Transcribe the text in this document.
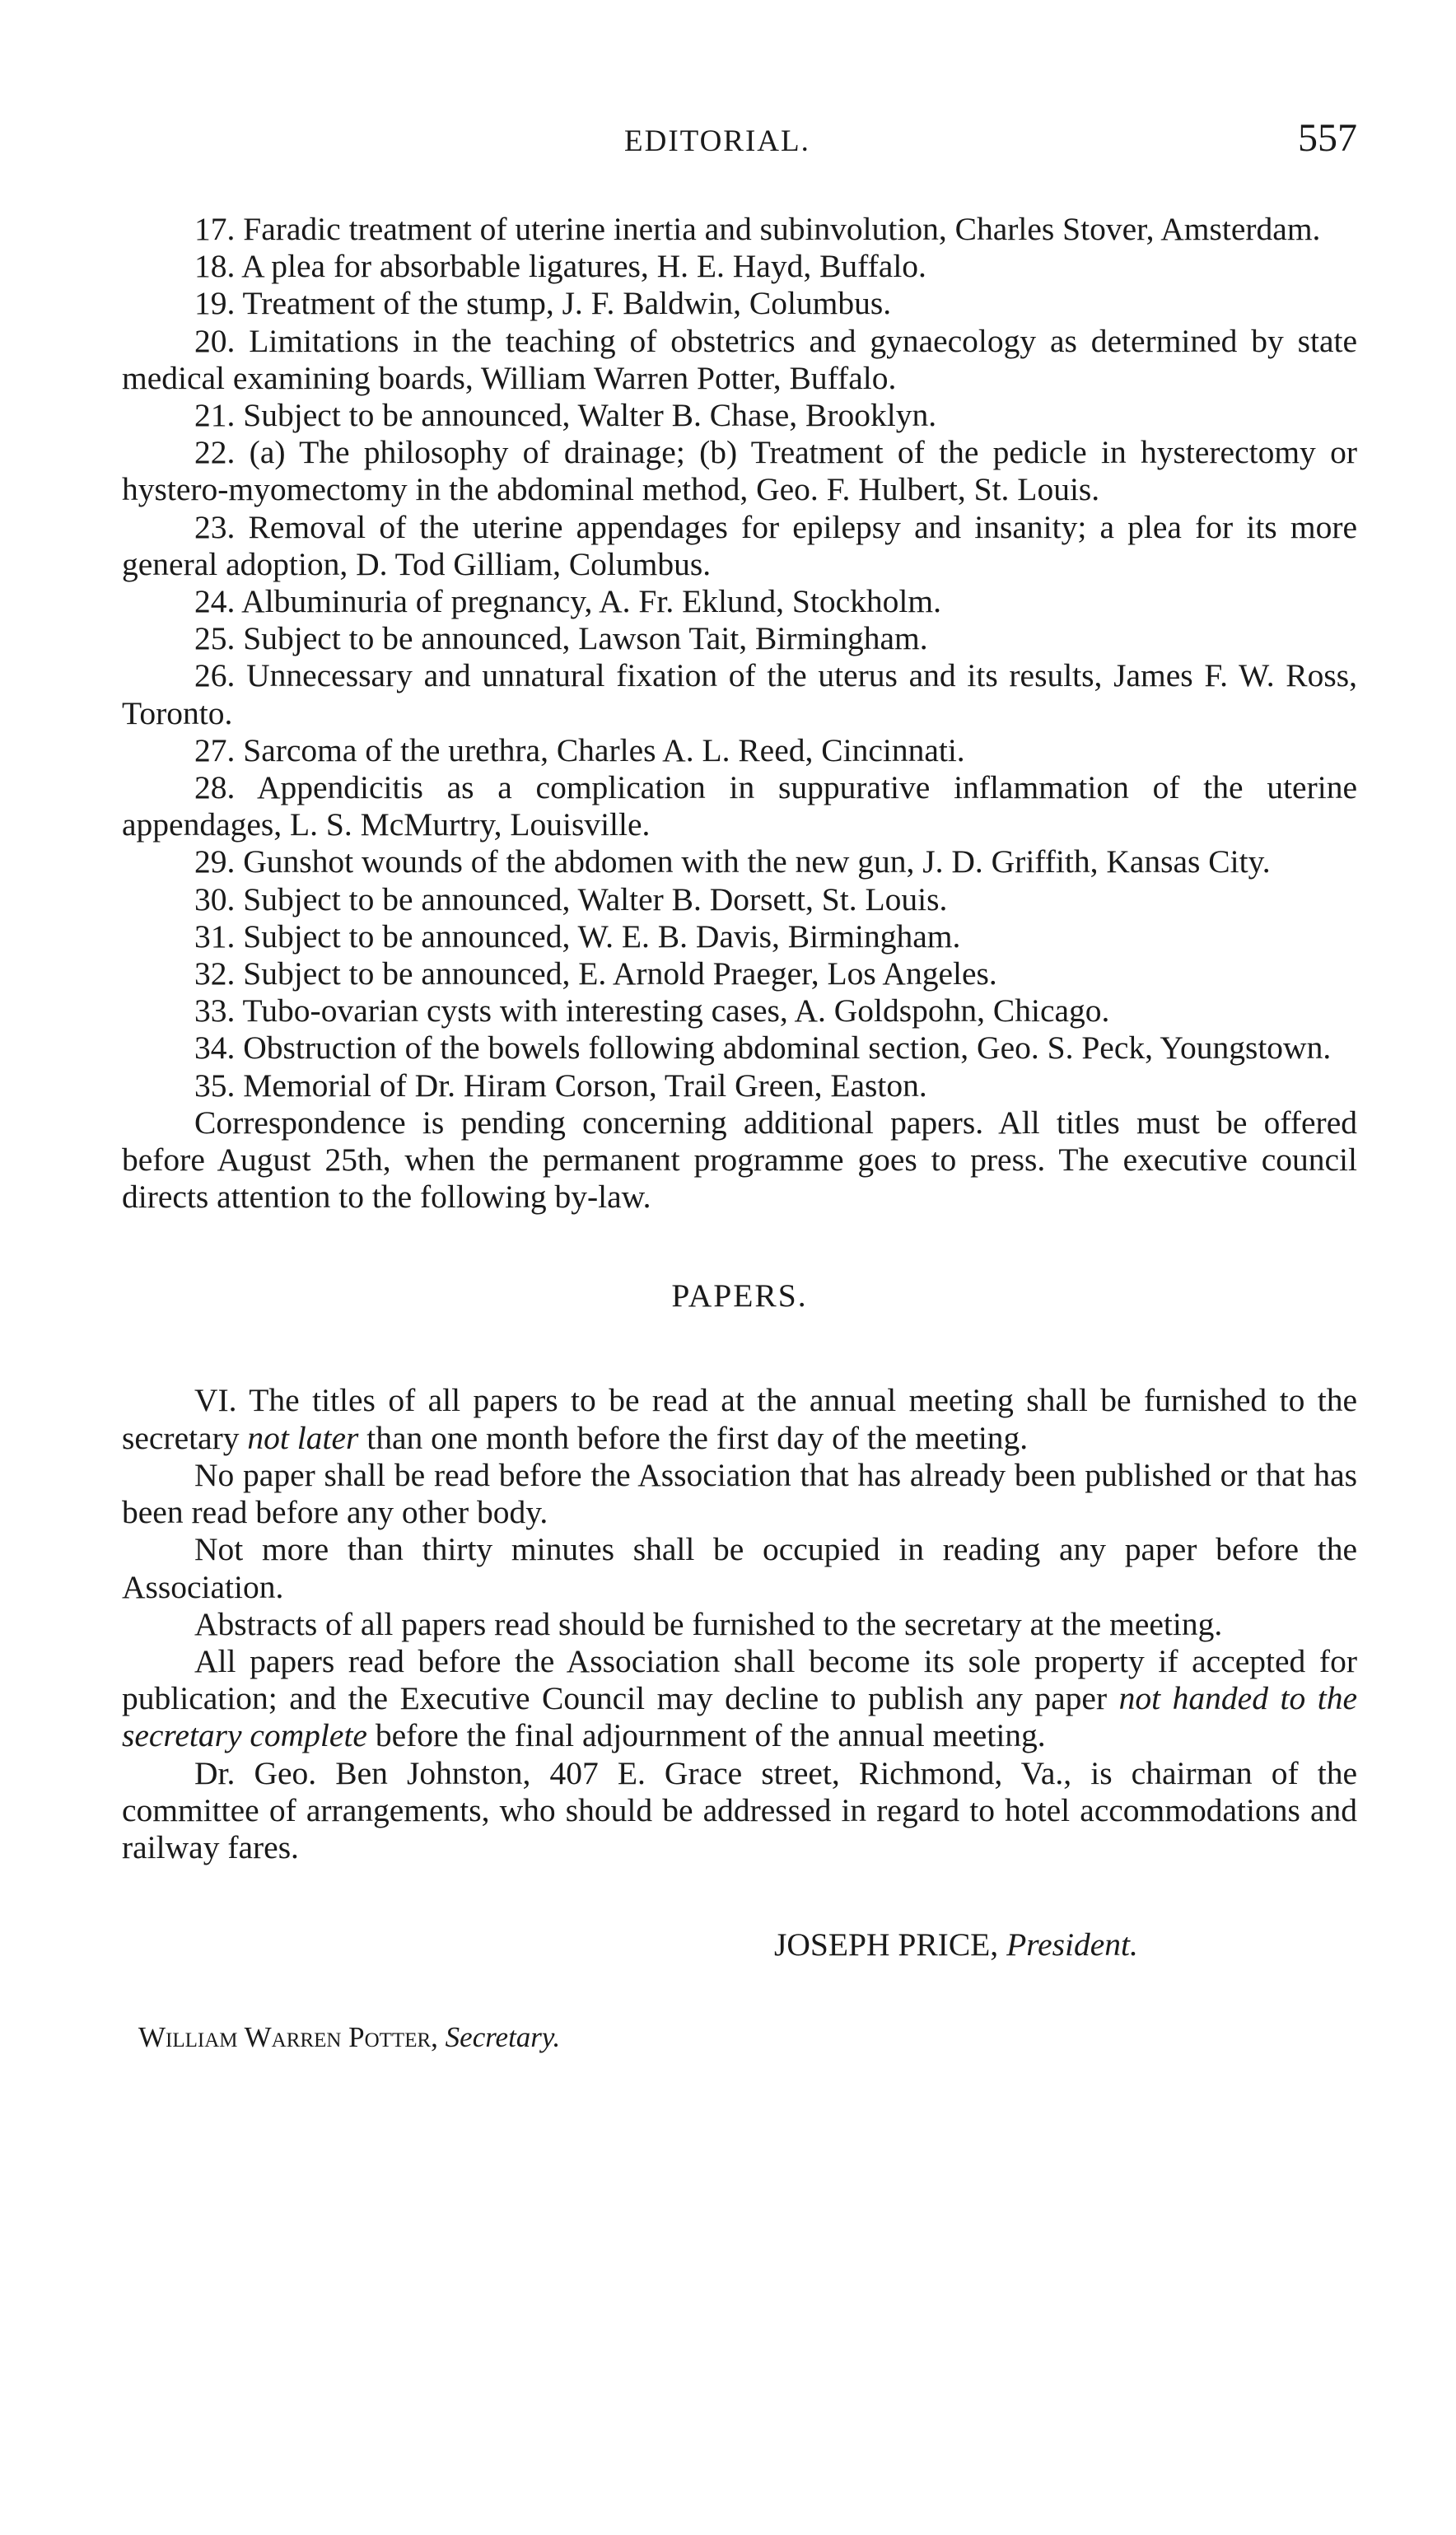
EDITORIAL.	557

17. Faradic treatment of uterine inertia and subinvolution, Charles Stover, Amsterdam.

18. A plea for absorbable ligatures, H. E. Hayd, Buffalo.

19. Treatment of the stump, J. F. Baldwin, Columbus.

20. Limitations in the teaching of obstetrics and gynaecology as determined by state medical examining boards, William Warren Potter, Buffalo.

21. Subject to be announced, Walter B. Chase, Brooklyn.

22. (a) The philosophy of drainage; (b) Treatment of the pedicle in hysterectomy or hystero-myomectomy in the abdominal method, Geo. F. Hulbert, St. Louis.

23. Removal of the uterine appendages for epilepsy and insanity; a plea for its more general adoption, D. Tod Gilliam, Columbus.

24. Albuminuria of pregnancy, A. Fr. Eklund, Stockholm.

25. Subject to be announced, Lawson Tait, Birmingham.

26. Unnecessary and unnatural fixation of the uterus and its results, James F. W. Ross, Toronto.

27. Sarcoma of the urethra, Charles A. L. Reed, Cincinnati.

28. Appendicitis as a complication in suppurative inflammation of the uterine appendages, L. S. McMurtry, Louisville.

29. Gunshot wounds of the abdomen with the new gun, J. D. Griffith, Kansas City.

30. Subject to be announced, Walter B. Dorsett, St. Louis.

31. Subject to be announced, W. E. B. Davis, Birmingham.

32. Subject to be announced, E. Arnold Praeger, Los Angeles.

33. Tubo-ovarian cysts with interesting cases, A. Goldspohn, Chicago.

34. Obstruction of the bowels following abdominal section, Geo. S. Peck, Youngstown.

35. Memorial of Dr. Hiram Corson, Trail Green, Easton.

Correspondence is pending concerning additional papers. All titles must be offered before August 25th, when the permanent programme goes to press. The executive council directs attention to the following by-law.

PAPERS.

VI. The titles of all papers to be read at the annual meeting shall be furnished to the secretary not later than one month before the first day of the meeting.

No paper shall be read before the Association that has already been published or that has been read before any other body.

Not more than thirty minutes shall be occupied in reading any paper before the Association.

Abstracts of all papers read should be furnished to the secretary at the meeting.

All papers read before the Association shall become its sole property if accepted for publication; and the Executive Council may decline to publish any paper not handed to the secretary complete before the final adjournment of the annual meeting.

Dr. Geo. Ben Johnston, 407 E. Grace street, Richmond, Va., is chairman of the committee of arrangements, who should be addressed in regard to hotel accommodations and railway fares.

JOSEPH PRICE, President.
William Warren Potter, Secretary.
